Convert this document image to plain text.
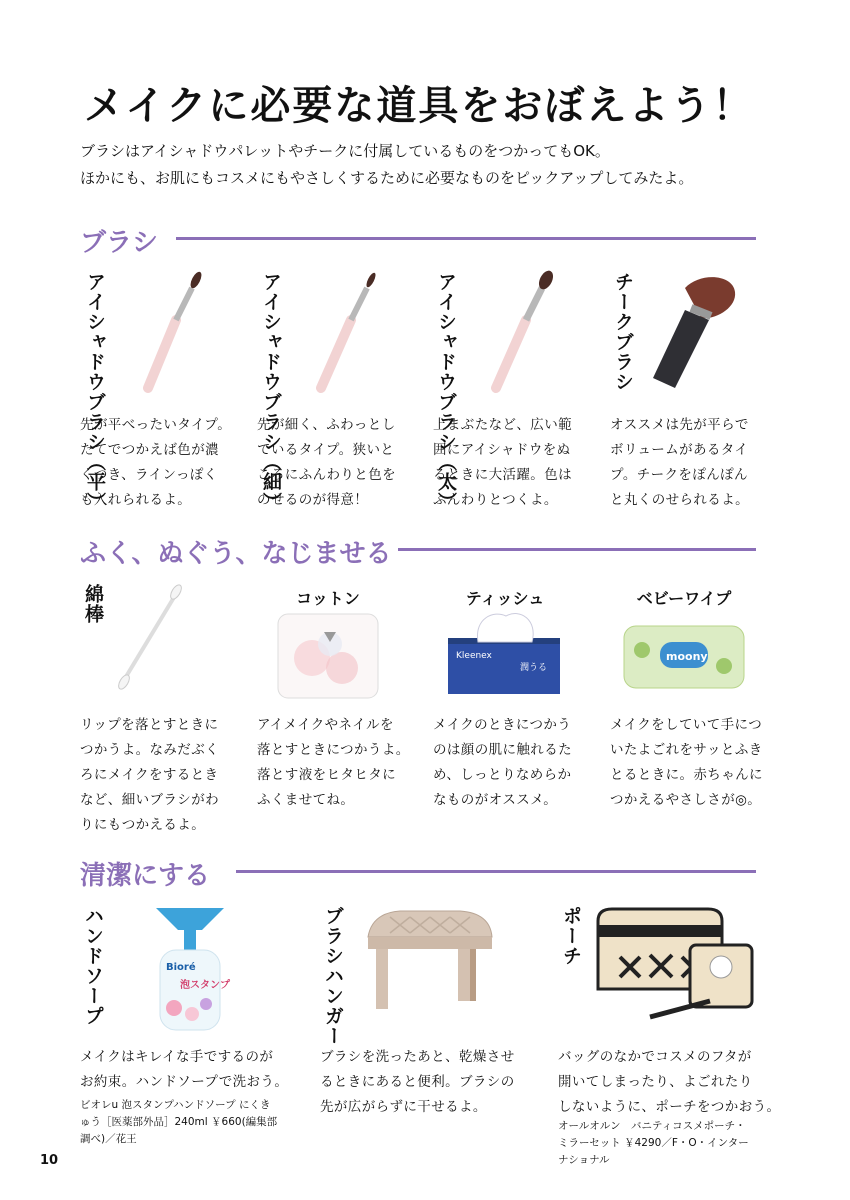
メイクに必要な道具をおぼえよう！
ブラシはアイシャドウパレットやチークに付属しているものをつかってもOK。
ほかにも、お肌にもコスメにもやさしくするために必要なものをピックアップしてみたよ。
ブラシ
アイシャドウブラシ（平）	アイシャドウブラシ（細）	アイシャドウブラシ（太）	チークブラシ
先が平べったいタイプ。
たてでつかえば色が濃
くつき、ラインっぽく
も入れられるよ。
先が細く、ふわっとし
ているタイプ。狭いと
ころにふんわりと色を
のせるのが得意！
上まぶたなど、広い範
囲にアイシャドウをぬ
るときに大活躍。色は
ふんわりとつくよ。
オススメは先が平らで
ボリュームがあるタイ
プ。チークをぽんぽん
と丸くのせられるよ。
ふく、ぬぐう、なじませる
綿棒	コットン	ティッシュ	ベビーワイプ
Kleenex
潤うる
moony
リップを落とすときに
つかうよ。なみだぶく
ろにメイクをするとき
など、細いブラシがわ
りにもつかえるよ。
アイメイクやネイルを
落とすときにつかうよ。
落とす液をヒタヒタに
ふくませてね。
メイクのときにつかう
のは顔の肌に触れるた
め、しっとりなめらか
なものがオススメ。
メイクをしていて手につ
いたよごれをサッとふき
とるときに。赤ちゃんに
つかえるやさしさが◎。
清潔にする
ハンドソープ	ブラシハンガー	ポーチ
Bioré
泡スタンプ
メイクはキレイな手でするのが
お約束。ハンドソープで洗おう。
ビオレu 泡スタンプハンドソープ にくき
ゅう［医薬部外品］240ml ￥660(編集部
調べ)／花王
ブラシを洗ったあと、乾燥させ
るときにあると便利。ブラシの
先が広がらずに干せるよ。
バッグのなかでコスメのフタが
開いてしまったり、よごれたり
しないように、ポーチをつかおう。
オールオルン　バニティコスメポーチ・
ミラーセット ￥4290／F・O・インター
ナショナル
10
